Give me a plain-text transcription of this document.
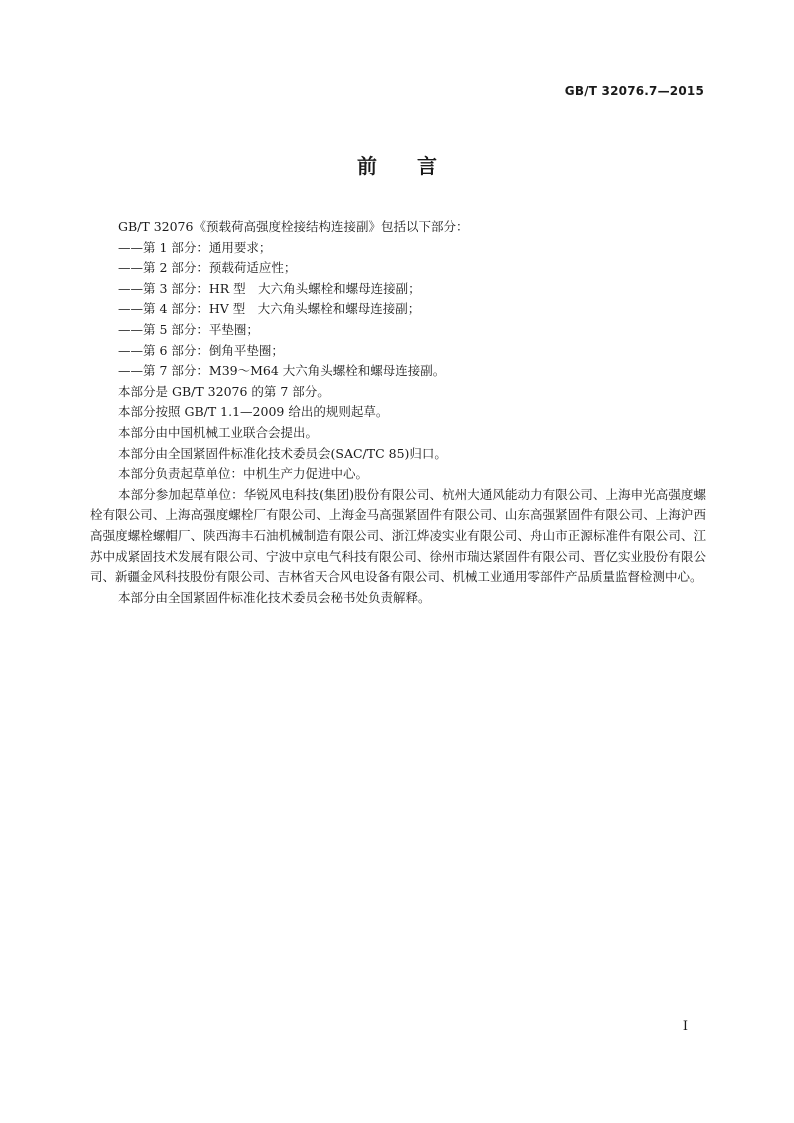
GB/T 32076.7—2015
前言

GB/T 32076《预载荷高强度栓接结构连接副》包括以下部分：

——第 1 部分：通用要求；

——第 2 部分：预载荷适应性；

——第 3 部分：HR 型　大六角头螺栓和螺母连接副；

——第 4 部分：HV 型　大六角头螺栓和螺母连接副；

——第 5 部分：平垫圈；

——第 6 部分：倒角平垫圈；

——第 7 部分：M39～M64 大六角头螺栓和螺母连接副。

本部分是 GB/T 32076 的第 7 部分。

本部分按照 GB/T 1.1—2009 给出的规则起草。

本部分由中国机械工业联合会提出。

本部分由全国紧固件标准化技术委员会(SAC/TC 85)归口。

本部分负责起草单位：中机生产力促进中心。

本部分参加起草单位：华锐风电科技(集团)股份有限公司、杭州大通风能动力有限公司、上海申光高强度螺栓有限公司、上海高强度螺栓厂有限公司、上海金马高强紧固件有限公司、山东高强紧固件有限公司、上海沪西高强度螺栓螺帽厂、陕西海丰石油机械制造有限公司、浙江烨凌实业有限公司、舟山市正源标准件有限公司、江苏中成紧固技术发展有限公司、宁波中京电气科技有限公司、徐州市瑞达紧固件有限公司、晋亿实业股份有限公司、新疆金风科技股份有限公司、吉林省天合风电设备有限公司、机械工业通用零部件产品质量监督检测中心。

本部分由全国紧固件标准化技术委员会秘书处负责解释。

I
